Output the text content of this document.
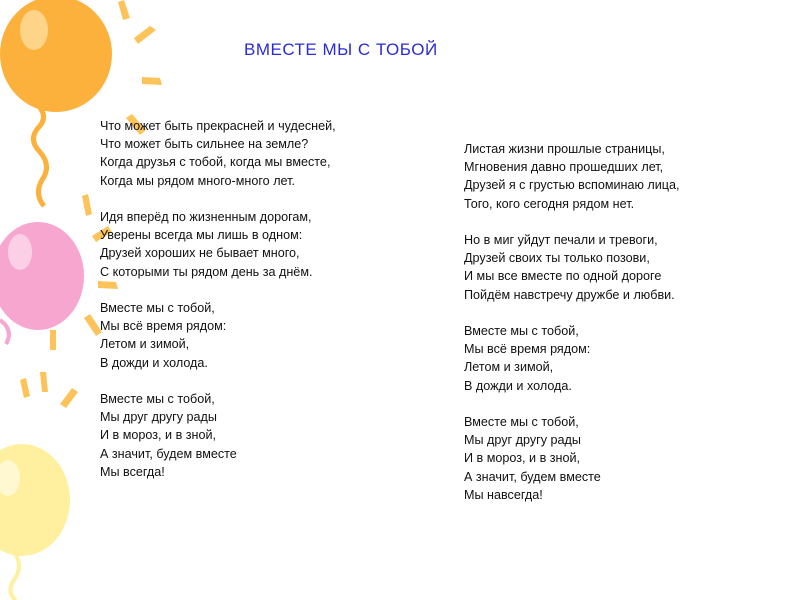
ВМЕСТЕ МЫ С ТОБОЙ
Что может быть прекрасней и чудесней,
Что может быть сильнее на земле?
Когда друзья с тобой, когда мы вместе,
Когда мы рядом много-много лет.
Идя вперёд по жизненным дорогам,
Уверены всегда мы лишь в одном:
Друзей хороших не бывает много,
С которыми ты рядом день за днём.
Вместе мы с тобой,
Мы всё время рядом:
Летом и зимой,
В дожди и холода.
Вместе мы с тобой,
Мы друг другу рады
И в мороз, и в зной,
А значит, будем вместе
Мы всегда!
Листая жизни прошлые страницы,
Мгновения давно прошедших лет,
Друзей я с грустью вспоминаю лица,
Того, кого сегодня рядом нет.
Но в миг уйдут печали и тревоги,
Друзей своих ты только позови,
И мы все вместе по одной дороге
Пойдём навстречу дружбе и любви.
Вместе мы с тобой,
Мы всё время рядом:
Летом и зимой,
В дожди и холода.
Вместе мы с тобой,
Мы друг другу рады
И в мороз, и в зной,
А значит, будем вместе
Мы навсегда!
